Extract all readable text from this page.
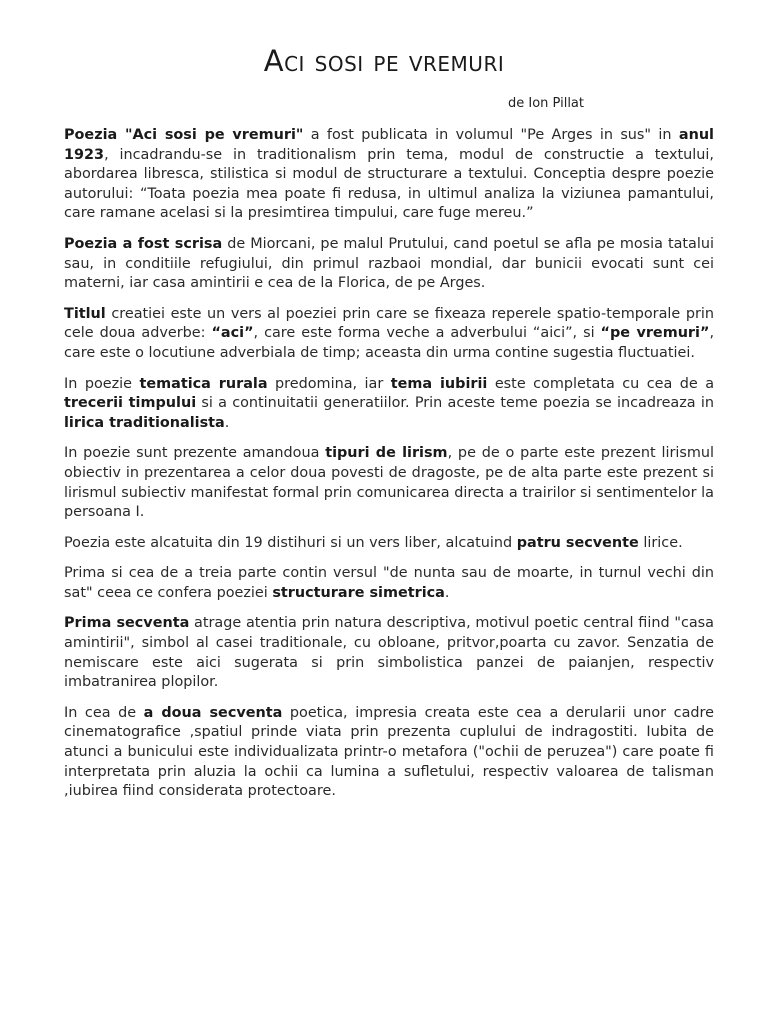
Aci sosi pe vremuri
de Ion Pillat

Poezia "Aci sosi pe vremuri" a fost publicata in volumul "Pe Arges in sus" in anul 1923, incadrandu-se in traditionalism prin tema, modul de constructie a textului, abordarea libresca, stilistica si modul de structurare a textului. Conceptia despre poezie autorului: “Toata poezia mea poate fi redusa, in ultimul analiza la viziunea pamantului, care ramane acelasi si la presimtirea timpului, care fuge mereu.”

Poezia a fost scrisa de Miorcani, pe malul Prutului, cand poetul se afla pe mosia tatalui sau, in conditiile refugiului, din primul razbaoi mondial, dar bunicii evocati sunt cei materni, iar casa amintirii e cea de la Florica, de pe Arges.

Titlul creatiei este un vers al poeziei prin care se fixeaza reperele spatio-temporale prin cele doua adverbe: “aci”, care este forma veche a adverbului “aici”, si “pe vremuri”, care este o locutiune adverbiala de timp; aceasta din urma contine sugestia fluctuatiei.

In poezie tematica rurala predomina, iar tema iubirii este completata cu cea de a trecerii timpului si a continuitatii generatiilor. Prin aceste teme poezia se incadreaza in lirica traditionalista.

In poezie sunt prezente amandoua tipuri de lirism, pe de o parte este prezent lirismul obiectiv in prezentarea a celor doua povesti de dragoste, pe de alta parte este prezent si lirismul subiectiv manifestat formal prin comunicarea directa a trairilor si sentimentelor la persoana I.

Poezia este alcatuita din 19 distihuri si un vers liber, alcatuind patru secvente lirice.

Prima si cea de a treia parte contin versul "de nunta sau de moarte, in turnul vechi din sat" ceea ce confera poeziei structurare simetrica.

Prima secventa atrage atentia prin natura descriptiva, motivul poetic central fiind "casa amintirii", simbol al casei traditionale, cu obloane, pritvor,poarta cu zavor. Senzatia de nemiscare este aici sugerata si prin simbolistica panzei de paianjen, respectiv imbatranirea plopilor.

In cea de a doua secventa poetica, impresia creata este cea a derularii unor cadre cinematografice ,spatiul prinde viata prin prezenta cuplului de indragostiti. Iubita de atunci a bunicului este individualizata printr-o metafora ("ochii de peruzea") care poate fi interpretata prin aluzia la ochii ca lumina a sufletului, respectiv valoarea de talisman ,iubirea fiind considerata protectoare.
